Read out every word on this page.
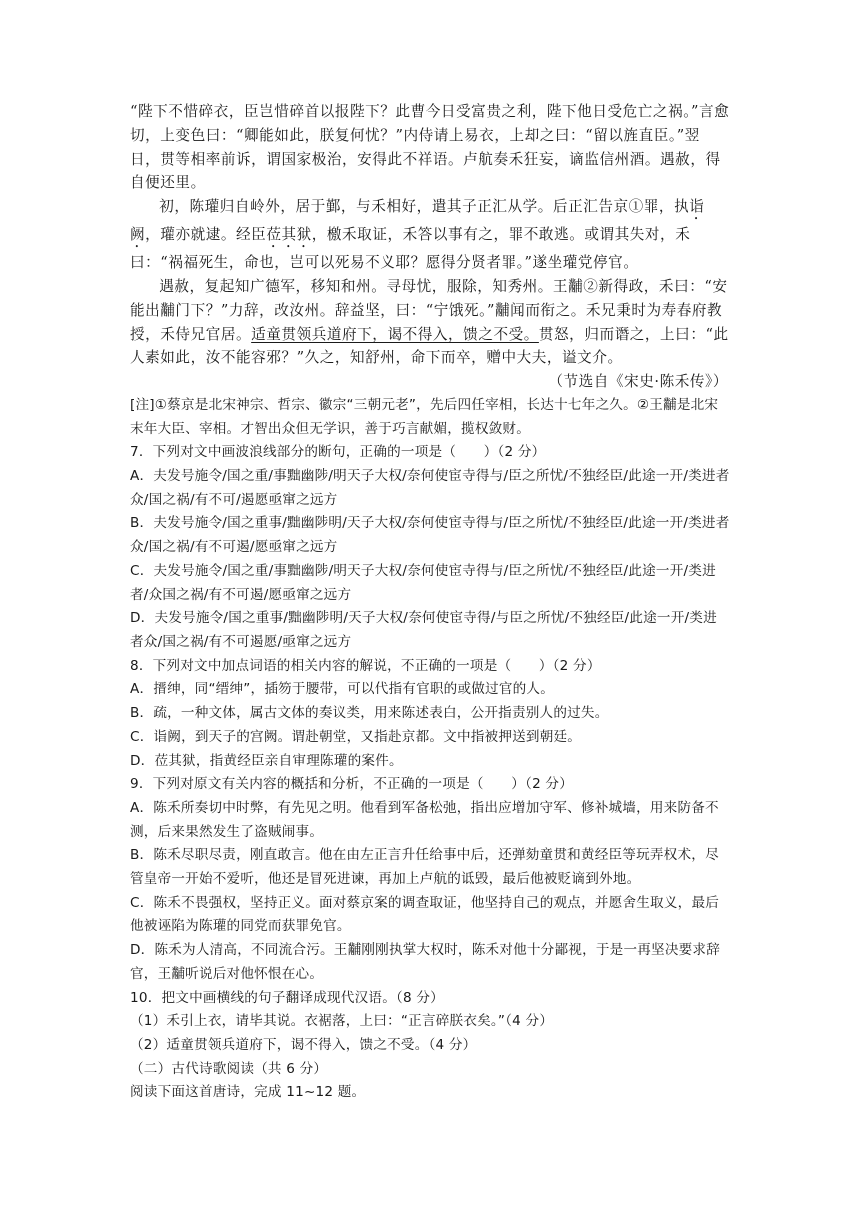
“陛下不惜碎衣，臣岂惜碎首以报陛下？此曹今日受富贵之利，陛下他日受危亡之祸。”言愈切，上变色曰：“卿能如此，朕复何忧？”内侍请上易衣，上却之曰：“留以旌直臣。”翌日，贯等相率前诉，谓国家极治，安得此不祥语。卢航奏禾狂妄，谪监信州酒。遇赦，得自便还里。

初，陈瓘归自岭外，居于鄞，与禾相好，遣其子正汇从学。后正汇告京①罪，执诣阙，瓘亦就逮。经臣莅其狱，檄禾取证，禾答以事有之，罪不敢逃。或谓其失对，禾曰：“祸福死生，命也，岂可以死易不义耶？愿得分贤者罪。”遂坐瓘党停官。

遇赦，复起知广德军，移知和州。寻母忧，服除，知秀州。王黼②新得政，禾曰：“安能出黼门下？”力辞，改汝州。辞益坚，曰：“宁饿死。”黼闻而衔之。禾兄秉时为寿春府教授，禾侍兄官居。适童贯领兵道府下，谒不得入，馈之不受。贯怒，归而谮之，上曰：“此人素如此，汝不能容邪？”久之，知舒州，命下而卒，赠中大夫，谥文介。

（节选自《宋史·陈禾传》）

[注]①蔡京是北宋神宗、哲宗、徽宗“三朝元老”，先后四任宰相，长达十七年之久。②王黼是北宋末年大臣、宰相。才智出众但无学识，善于巧言献媚，揽权敛财。

7．下列对文中画波浪线部分的断句，正确的一项是（　　）（2 分）

A．夫发号施令/国之重/事黜幽陟/明天子大权/奈何使宦寺得与/臣之所忧/不独经臣/此途一开/类进者众/国之祸/有不可/遏愿亟窜之远方

B．夫发号施令/国之重事/黜幽陟明/天子大权/奈何使宦寺得与/臣之所忧/不独经臣/此途一开/类进者众/国之祸/有不可遏/愿亟窜之远方

C．夫发号施令/国之重/事黜幽陟/明天子大权/奈何使宦寺得与/臣之所忧/不独经臣/此途一开/类进者/众国之祸/有不可遏/愿亟窜之远方

D．夫发号施令/国之重事/黜幽陟明/天子大权/奈何使宦寺得/与臣之所忧/不独经臣/此途一开/类进者众/国之祸/有不可遏愿/亟窜之远方

8．下列对文中加点词语的相关内容的解说，不正确的一项是（　　）（2 分）

A．搢绅，同“缙绅”，插笏于腰带，可以代指有官职的或做过官的人。

B．疏，一种文体，属古文体的奏议类，用来陈述表白，公开指责别人的过失。

C．诣阙，到天子的宫阙。谓赴朝堂，又指赴京都。文中指被押送到朝廷。

D．莅其狱，指黄经臣亲自审理陈瓘的案件。

9．下列对原文有关内容的概括和分析，不正确的一项是（　　）（2 分）

A．陈禾所奏切中时弊，有先见之明。他看到军备松弛，指出应增加守军、修补城墙，用来防备不测，后来果然发生了盗贼闹事。

B．陈禾尽职尽责，刚直敢言。他在由左正言升任给事中后，还弹劾童贯和黄经臣等玩弄权术，尽管皇帝一开始不爱听，他还是冒死进谏，再加上卢航的诋毁，最后他被贬谪到外地。

C．陈禾不畏强权，坚持正义。面对蔡京案的调查取证，他坚持自己的观点，并愿舍生取义，最后他被诬陷为陈瓘的同党而获罪免官。

D．陈禾为人清高，不同流合污。王黼刚刚执掌大权时，陈禾对他十分鄙视，于是一再坚决要求辞官，王黼听说后对他怀恨在心。

10．把文中画横线的句子翻译成现代汉语。（8 分）

（1）禾引上衣，请毕其说。衣裾落，上曰：“正言碎朕衣矣。”（4 分）

（2）适童贯领兵道府下，谒不得入，馈之不受。（4 分）

（二）古代诗歌阅读（共 6 分）

阅读下面这首唐诗，完成 11~12 题。
